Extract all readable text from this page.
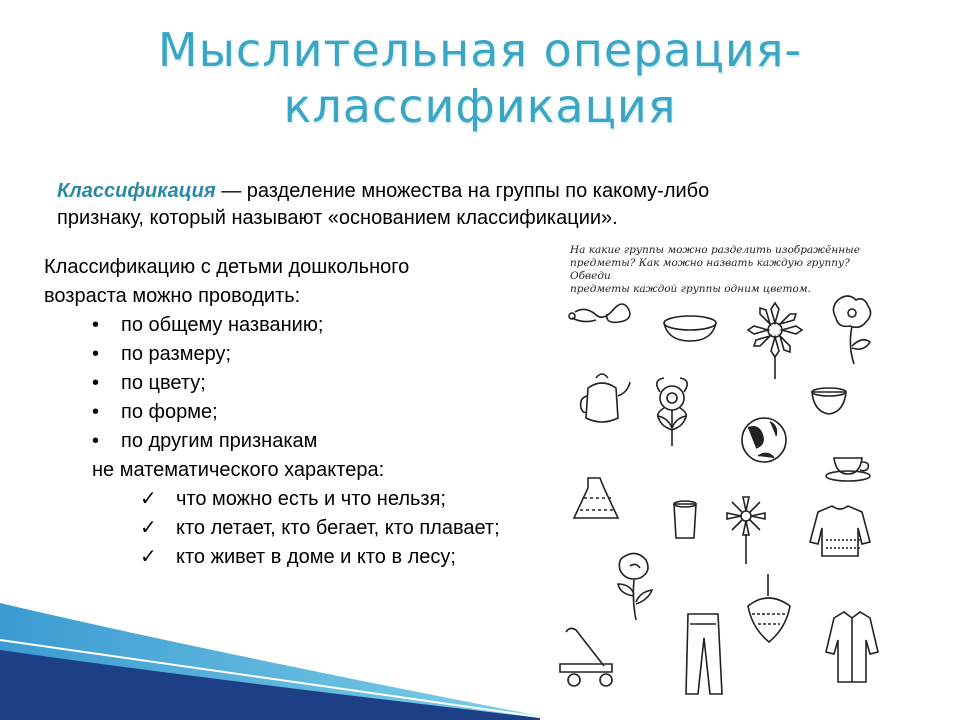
Мыслительная операция-
классификация
Классификация — разделение множества на группы по какому-либо
признаку, который называют «основанием классификации».
Классификацию с детьми дошкольного
возраста можно проводить:
• по общему названию;
• по размеру;
• по цвету;
• по форме;
• по другим признакам
не математического характера:
✓ что можно есть и что нельзя;
✓ кто летает, кто бегает, кто плавает;
✓ кто живет в доме и кто в лесу;
На какие группы можно разделить изображённые
предметы? Как можно назвать каждую группу? Обведи
предметы каждой группы одним цветом.
